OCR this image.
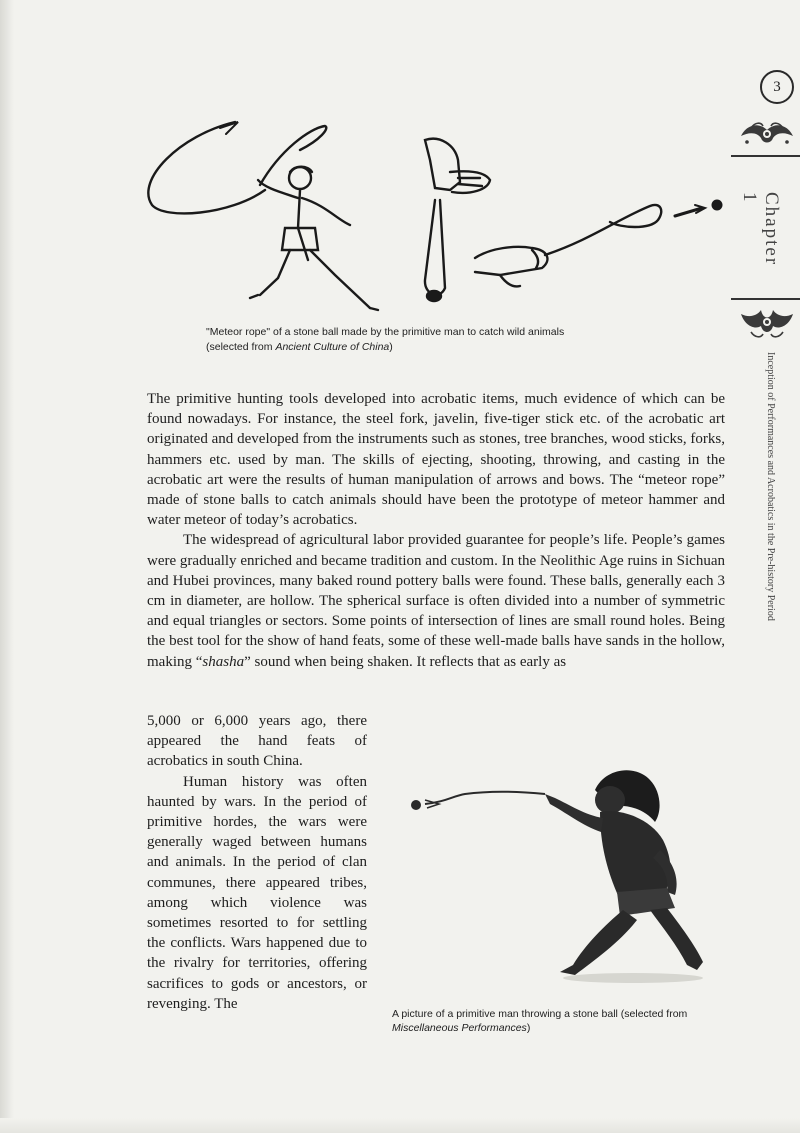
3
Chapter 1
Inception of Performances and Acrobatics in the Pre-history Period
"Meteor rope" of a stone ball made by the primitive man to catch wild animals
(selected from Ancient Culture of China)

The primitive hunting tools developed into acrobatic items, much evidence of which can be found nowadays. For instance, the steel fork, javelin, five-tiger stick etc. of the acrobatic art originated and developed from the instruments such as stones, tree branches, wood sticks, forks, hammers etc. used by man. The skills of ejecting, shooting, throwing, and casting in the acrobatic art were the results of human manipulation of arrows and bows. The “meteor rope” made of stone balls to catch animals should have been the prototype of meteor hammer and water meteor of today’s acrobatics.

The widespread of agricultural labor provided guarantee for people’s life. People’s games were gradually enriched and became tradition and custom. In the Neolithic Age ruins in Sichuan and Hubei provinces, many baked round pottery balls were found. These balls, generally each 3 cm in diameter, are hollow. The spherical surface is often divided into a number of symmetric and equal triangles or sectors. Some points of intersection of lines are small round holes. Being the best tool for the show of hand feats, some of these well-made balls have sands in the hollow, making “shasha” sound when being shaken. It reflects that as early as

5,000 or 6,000 years ago, there appeared the hand feats of acrobatics in south China.

Human history was often haunted by wars. In the period of primitive hordes, the wars were generally waged between humans and animals. In the period of clan communes, there appeared tribes, among which violence was sometimes resorted to for settling the conflicts. Wars happened due to the rivalry for territories, offering sacrifices to gods or ancestors, or revenging. The

A picture of a primitive man throwing a stone ball (selected from Miscellaneous Performances)
